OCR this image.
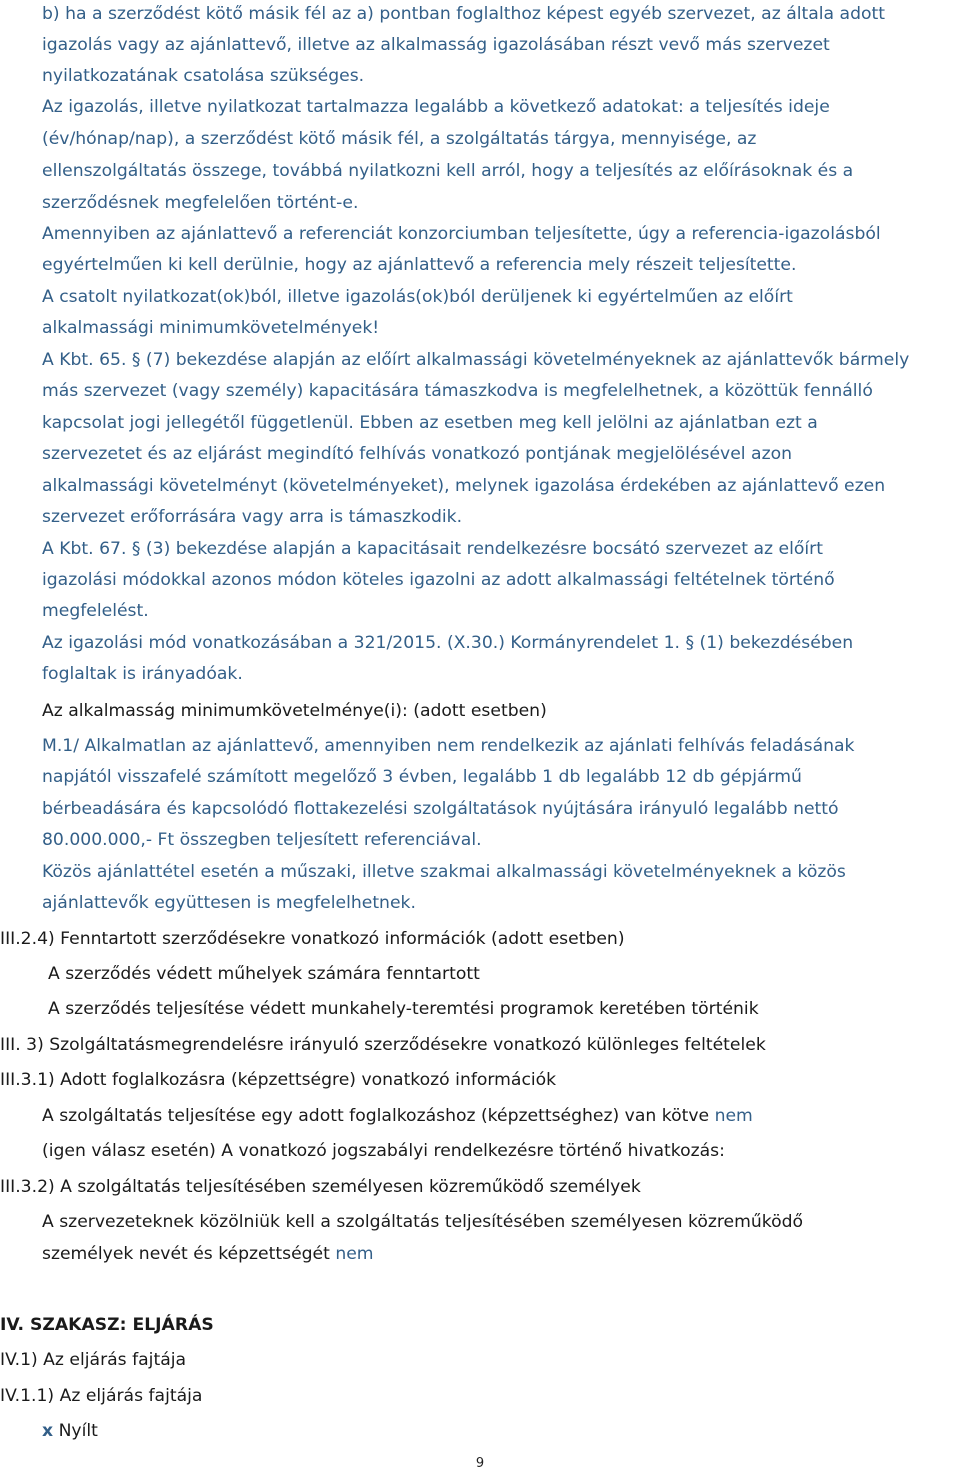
b) ha a szerződést kötő másik fél az a) pontban foglalthoz képest egyéb szervezet, az általa adott
igazolás vagy az ajánlattevő, illetve az alkalmasság igazolásában részt vevő más szervezet
nyilatkozatának csatolása szükséges.
Az igazolás, illetve nyilatkozat tartalmazza legalább a következő adatokat: a teljesítés ideje
(év/hónap/nap), a szerződést kötő másik fél, a szolgáltatás tárgya, mennyisége, az
ellenszolgáltatás összege, továbbá nyilatkozni kell arról, hogy a teljesítés az előírásoknak és a
szerződésnek megfelelően történt-e.
Amennyiben az ajánlattevő a referenciát konzorciumban teljesítette, úgy a referencia-igazolásból
egyértelműen ki kell derülnie, hogy az ajánlattevő a referencia mely részeit teljesítette.
A csatolt nyilatkozat(ok)ból, illetve igazolás(ok)ból derüljenek ki egyértelműen az előírt
alkalmassági minimumkövetelmények!
A Kbt. 65. § (7) bekezdése alapján az előírt alkalmassági követelményeknek az ajánlattevők bármely
más szervezet (vagy személy) kapacitására támaszkodva is megfelelhetnek, a közöttük fennálló
kapcsolat jogi jellegétől függetlenül. Ebben az esetben meg kell jelölni az ajánlatban ezt a
szervezetet és az eljárást megindító felhívás vonatkozó pontjának megjelölésével azon
alkalmassági követelményt (követelményeket), melynek igazolása érdekében az ajánlattevő ezen
szervezet erőforrására vagy arra is támaszkodik.
A Kbt. 67. § (3) bekezdése alapján a kapacitásait rendelkezésre bocsátó szervezet az előírt
igazolási módokkal azonos módon köteles igazolni az adott alkalmassági feltételnek történő
megfelelést.
Az igazolási mód vonatkozásában a 321/2015. (X.30.) Kormányrendelet 1. § (1) bekezdésében
foglaltak is irányadóak.
Az alkalmasság minimumkövetelménye(i): (adott esetben)
M.1/ Alkalmatlan az ajánlattevő, amennyiben nem rendelkezik az ajánlati felhívás feladásának
napjától visszafelé számított megelőző 3 évben, legalább 1 db legalább 12 db gépjármű
bérbeadására és kapcsolódó flottakezelési szolgáltatások nyújtására irányuló legalább nettó
80.000.000,- Ft összegben teljesített referenciával.
Közös ajánlattétel esetén a műszaki, illetve szakmai alkalmassági követelményeknek a közös
ajánlattevők együttesen is megfelelhetnek.
III.2.4) Fenntartott szerződésekre vonatkozó információk (adott esetben)
A szerződés védett műhelyek számára fenntartott
A szerződés teljesítése védett munkahely-teremtési programok keretében történik
III. 3) Szolgáltatásmegrendelésre irányuló szerződésekre vonatkozó különleges feltételek
III.3.1) Adott foglalkozásra (képzettségre) vonatkozó információk
A szolgáltatás teljesítése egy adott foglalkozáshoz (képzettséghez) van kötve nem
(igen válasz esetén) A vonatkozó jogszabályi rendelkezésre történő hivatkozás:
III.3.2) A szolgáltatás teljesítésében személyesen közreműködő személyek
A szervezeteknek közölniük kell a szolgáltatás teljesítésében személyesen közreműködő
személyek nevét és képzettségét nem
IV. SZAKASZ: ELJÁRÁS
IV.1) Az eljárás fajtája
IV.1.1) Az eljárás fajtája
x Nyílt
9
